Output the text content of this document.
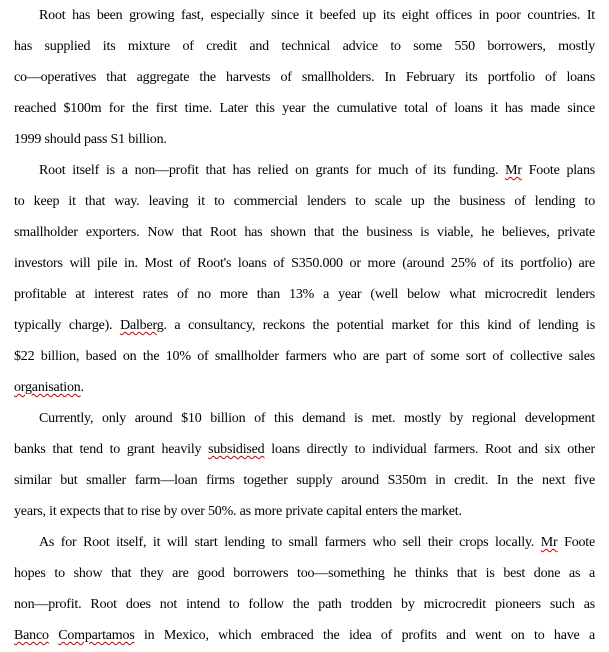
Root has been growing fast, especially since it beefed up its eight offices in poor countries. It
has supplied its mixture of credit and technical advice to some 550 borrowers, mostly
co—operatives that aggregate the harvests of smallholders. In February its portfolio of loans
reached $100m for the first time. Later this year the cumulative total of loans it has made since
1999 should pass S1 billion.
Root itself is a non—profit that has relied on grants for much of its funding. Mr Foote plans
to keep it that way. leaving it to commercial lenders to scale up the business of lending to
smallholder exporters. Now that Root has shown that the business is viable, he believes, private
investors will pile in. Most of Root's loans of S350.000 or more (around 25% of its portfolio) are
profitable at interest rates of no more than 13% a year (well below what microcredit lenders
typically charge). Dalberg. a consultancy, reckons the potential market for this kind of lending is
$22 billion, based on the 10% of smallholder farmers who are part of some sort of collective sales
organisation.
Currently, only around $10 billion of this demand is met. mostly by regional development
banks that tend to grant heavily subsidised loans directly to individual farmers. Root and six other
similar but smaller farm—loan firms together supply around S350m in credit. In the next five
years, it expects that to rise by over 50%. as more private capital enters the market.
As for Root itself, it will start lending to small farmers who sell their crops locally. Mr Foote
hopes to show that they are good borrowers too—something he thinks that is best done as a
non—profit. Root does not intend to follow the path trodden by microcredit pioneers such as
Banco Compartamos in Mexico, which embraced the idea of profits and went on to have a
